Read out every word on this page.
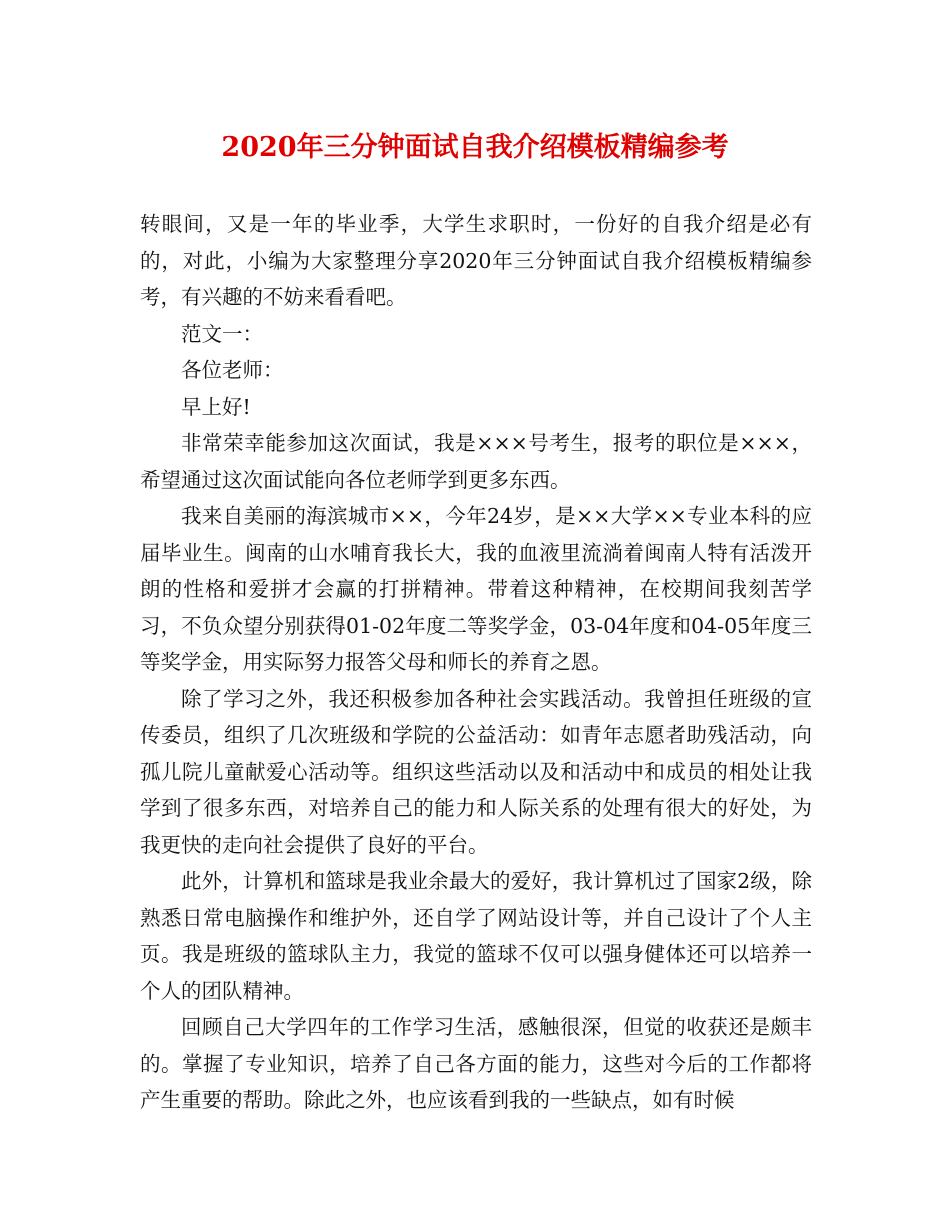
2020年三分钟面试自我介绍模板精编参考

转眼间，又是一年的毕业季，大学生求职时，一份好的自我介绍是必有的，对此，小编为大家整理分享2020年三分钟面试自我介绍模板精编参考，有兴趣的不妨来看看吧。

范文一：

各位老师：

早上好!

非常荣幸能参加这次面试，我是×××号考生，报考的职位是×××，希望通过这次面试能向各位老师学到更多东西。

我来自美丽的海滨城市××，今年24岁，是××大学××专业本科的应届毕业生。闽南的山水哺育我长大，我的血液里流淌着闽南人特有活泼开朗的性格和爱拼才会赢的打拼精神。带着这种精神，在校期间我刻苦学习，不负众望分别获得01-02年度二等奖学金，03-04年度和04-05年度三等奖学金，用实际努力报答父母和师长的养育之恩。

除了学习之外，我还积极参加各种社会实践活动。我曾担任班级的宣传委员，组织了几次班级和学院的公益活动：如青年志愿者助残活动，向孤儿院儿童献爱心活动等。组织这些活动以及和活动中和成员的相处让我学到了很多东西，对培养自己的能力和人际关系的处理有很大的好处，为我更快的走向社会提供了良好的平台。

此外，计算机和篮球是我业余最大的爱好，我计算机过了国家2级，除熟悉日常电脑操作和维护外，还自学了网站设计等，并自己设计了个人主页。我是班级的篮球队主力，我觉的篮球不仅可以强身健体还可以培养一个人的团队精神。

回顾自己大学四年的工作学习生活，感触很深，但觉的收获还是颇丰的。掌握了专业知识，培养了自己各方面的能力，这些对今后的工作都将产生重要的帮助。除此之外，也应该看到我的一些缺点，如有时候
